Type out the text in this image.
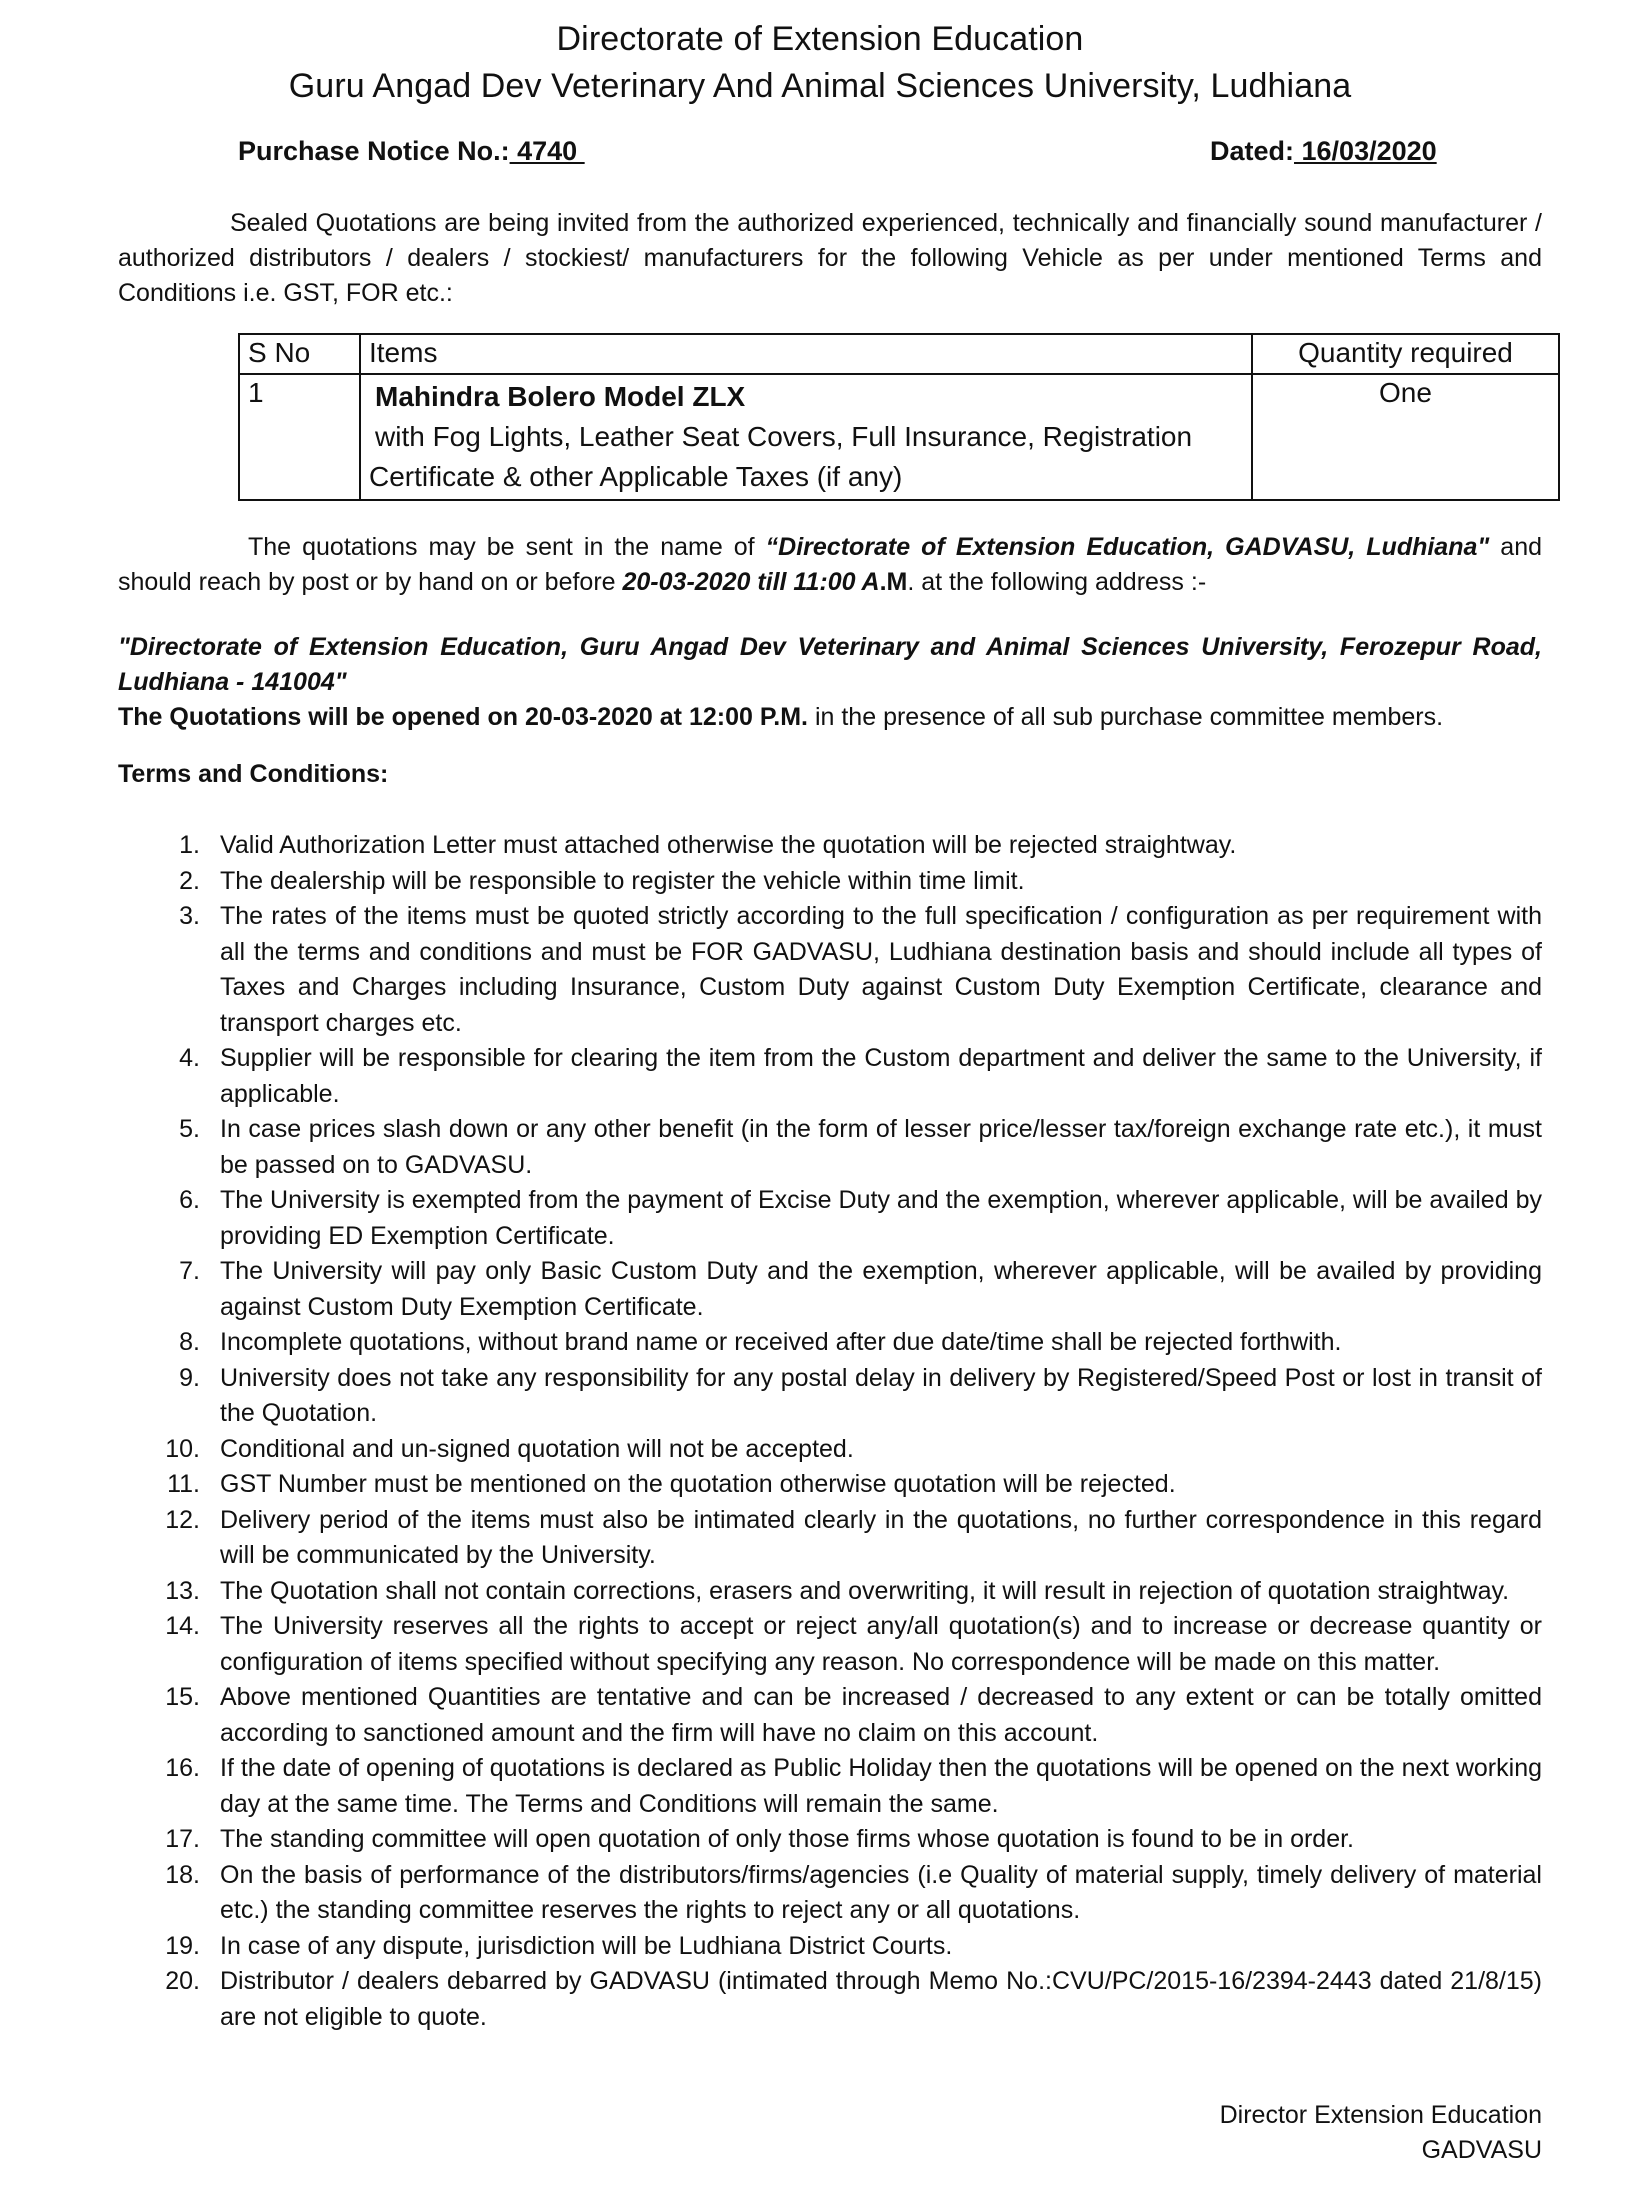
Directorate of Extension Education
Guru Angad Dev Veterinary And Animal Sciences University, Ludhiana
Purchase Notice No.: 4740	Dated: 16/03/2020
Sealed Quotations are being invited from the authorized experienced, technically and financially sound manufacturer / authorized distributors / dealers / stockiest/ manufacturers for the following Vehicle as per under mentioned Terms and Conditions i.e. GST, FOR etc.:
S No	Items	Quantity required
1	Mahindra Bolero Model ZLX
with Fog Lights, Leather Seat Covers, Full Insurance, Registration
Certificate & other Applicable Taxes (if any)	One
The quotations may be sent in the name of “Directorate of Extension Education, GADVASU, Ludhiana" and
should reach by post or by hand on or before 20-03-2020 till 11:00 A.M. at the following address :-
"Directorate of Extension Education, Guru Angad Dev Veterinary and Animal Sciences University, Ferozepur Road,
Ludhiana - 141004"
The Quotations will be opened on 20-03-2020 at 12:00 P.M. in the presence of all sub purchase committee members.
Terms and Conditions:
1. Valid Authorization Letter must attached otherwise the quotation will be rejected straightway.
2. The dealership will be responsible to register the vehicle within time limit.
3. The rates of the items must be quoted strictly according to the full specification / configuration as per requirement with all the terms and conditions and must be FOR GADVASU, Ludhiana destination basis and should include all types of Taxes and Charges including Insurance, Custom Duty against Custom Duty Exemption Certificate, clearance and transport charges etc.
4. Supplier will be responsible for clearing the item from the Custom department and deliver the same to the University, if applicable.
5. In case prices slash down or any other benefit (in the form of lesser price/lesser tax/foreign exchange rate etc.), it must be passed on to GADVASU.
6. The University is exempted from the payment of Excise Duty and the exemption, wherever applicable, will be availed by providing ED Exemption Certificate.
7. The University will pay only Basic Custom Duty and the exemption, wherever applicable, will be availed by providing against Custom Duty Exemption Certificate.
8. Incomplete quotations, without brand name or received after due date/time shall be rejected forthwith.
9. University does not take any responsibility for any postal delay in delivery by Registered/Speed Post or lost in transit of the Quotation.
10. Conditional and un-signed quotation will not be accepted.
11. GST Number must be mentioned on the quotation otherwise quotation will be rejected.
12. Delivery period of the items must also be intimated clearly in the quotations, no further correspondence in this regard will be communicated by the University.
13. The Quotation shall not contain corrections, erasers and overwriting, it will result in rejection of quotation straightway.
14. The University reserves all the rights to accept or reject any/all quotation(s) and to increase or decrease quantity or configuration of items specified without specifying any reason. No correspondence will be made on this matter.
15. Above mentioned Quantities are tentative and can be increased / decreased to any extent or can be totally omitted according to sanctioned amount and the firm will have no claim on this account.
16. If the date of opening of quotations is declared as Public Holiday then the quotations will be opened on the next working day at the same time. The Terms and Conditions will remain the same.
17. The standing committee will open quotation of only those firms whose quotation is found to be in order.
18. On the basis of performance of the distributors/firms/agencies (i.e Quality of material supply, timely delivery of material etc.) the standing committee reserves the rights to reject any or all quotations.
19. In case of any dispute, jurisdiction will be Ludhiana District Courts.
20. Distributor / dealers debarred by GADVASU (intimated through Memo No.:CVU/PC/2015-16/2394-2443 dated 21/8/15) are not eligible to quote.
Director Extension Education
GADVASU
